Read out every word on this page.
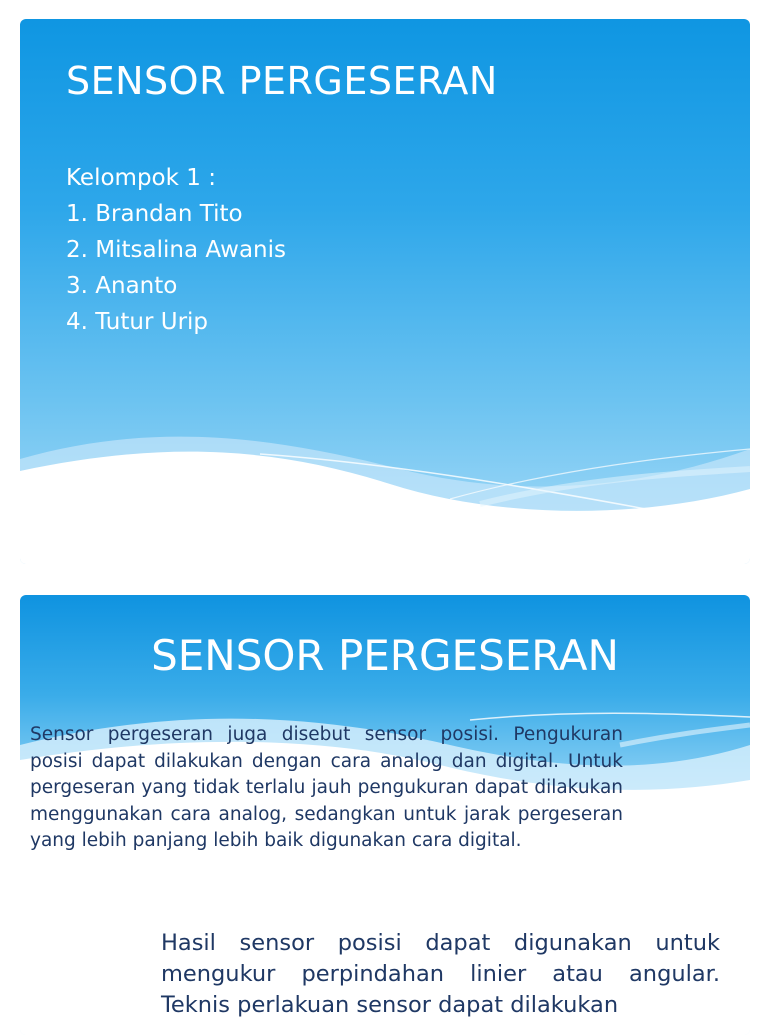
SENSOR PERGESERAN
Kelompok 1 :
1. Brandan Tito
2. Mitsalina Awanis
3. Ananto
4. Tutur Urip
SENSOR PERGESERAN

Sensor pergeseran juga disebut sensor posisi. Pengukuran posisi dapat dilakukan dengan cara analog dan digital. Untuk pergeseran yang tidak terlalu jauh pengukuran dapat dilakukan menggunakan cara analog, sedangkan untuk jarak pergeseran yang lebih panjang lebih baik digunakan cara digital.

Hasil sensor posisi dapat digunakan untuk mengukur perpindahan linier atau angular. Teknis perlakuan sensor dapat dilakukan
